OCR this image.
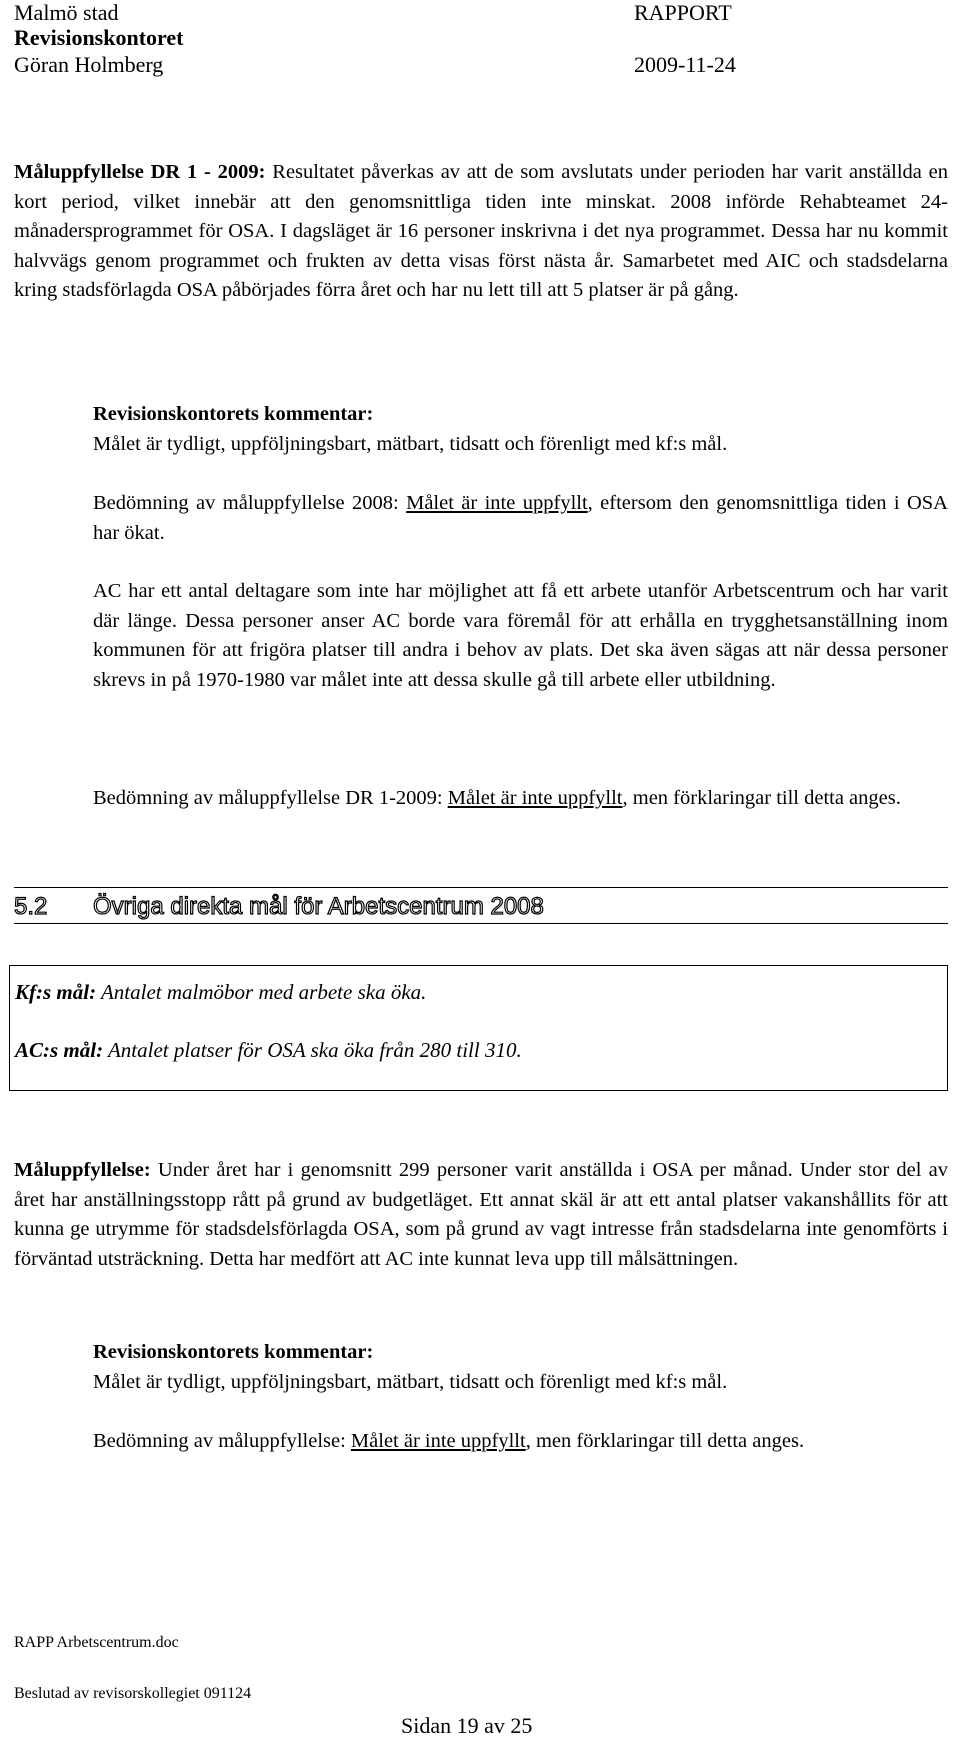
Malmö stad	RAPPORT
Revisionskontoret
Göran Holmberg	2009-11-24
Måluppfyllelse DR 1 - 2009: Resultatet påverkas av att de som avslutats under perioden har varit anställda en kort period, vilket innebär att den genomsnittliga tiden inte minskat. 2008 införde Rehabteamet 24-månadersprogrammet för OSA. I dagsläget är 16 personer inskrivna i det nya programmet. Dessa har nu kommit halvvägs genom programmet och frukten av detta visas först nästa år. Samarbetet med AIC och stadsdelarna kring stadsförlagda OSA påbörjades förra året och har nu lett till att 5 platser är på gång.
Revisionskontorets kommentar:
Målet är tydligt, uppföljningsbart, mätbart, tidsatt och förenligt med kf:s mål.
Bedömning av måluppfyllelse 2008: Målet är inte uppfyllt, eftersom den genomsnittliga tiden i OSA har ökat.
AC har ett antal deltagare som inte har möjlighet att få ett arbete utanför Arbetscentrum och har varit där länge. Dessa personer anser AC borde vara föremål för att erhålla en trygghetsanställning inom kommunen för att frigöra platser till andra i behov av plats. Det ska även sägas att när dessa personer skrevs in på 1970-1980 var målet inte att dessa skulle gå till arbete eller utbildning.
Bedömning av måluppfyllelse DR 1-2009: Målet är inte uppfyllt, men förklaringar till detta anges.
5.2 Övriga direkta mål för Arbetscentrum 2008
Kf:s mål: Antalet malmöbor med arbete ska öka.
AC:s mål: Antalet platser för OSA ska öka från 280 till 310.
Måluppfyllelse: Under året har i genomsnitt 299 personer varit anställda i OSA per månad. Under stor del av året har anställningsstopp rått på grund av budgetläget. Ett annat skäl är att ett antal platser vakanshållits för att kunna ge utrymme för stadsdelsförlagda OSA, som på grund av vagt intresse från stadsdelarna inte genomförts i förväntad utsträckning. Detta har medfört att AC inte kunnat leva upp till målsättningen.
Revisionskontorets kommentar:
Målet är tydligt, uppföljningsbart, mätbart, tidsatt och förenligt med kf:s mål.
Bedömning av måluppfyllelse: Målet är inte uppfyllt, men förklaringar till detta anges.
RAPP Arbetscentrum.doc
Beslutad av revisorskollegiet 091124
Sidan 19 av 25
